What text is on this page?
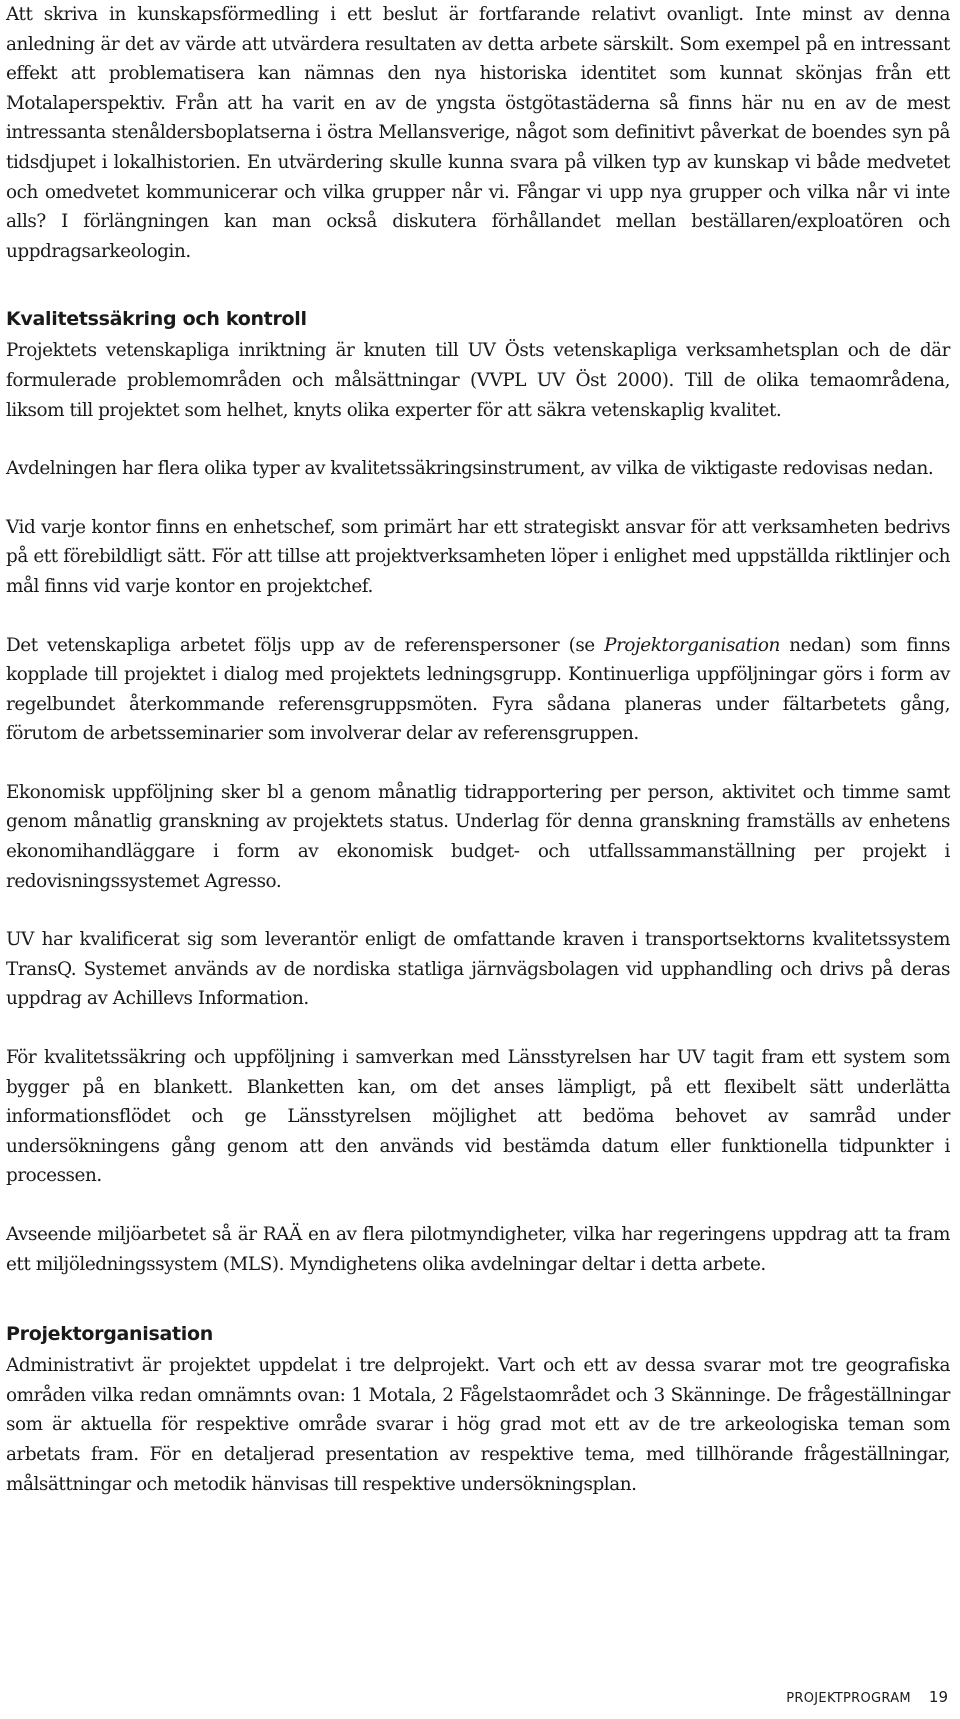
Att skriva in kunskapsförmedling i ett beslut är fortfarande relativt ovanligt. Inte minst av denna anledning är det av värde att utvärdera resultaten av detta arbete särskilt. Som exempel på en intressant effekt att problematisera kan nämnas den nya historiska identitet som kunnat skönjas från ett Motalaperspektiv. Från att ha varit en av de yngsta östgötastäderna så finns här nu en av de mest intressanta stenåldersboplatserna i östra Mellansverige, något som definitivt påverkat de boendes syn på tidsdjupet i lokalhistorien. En utvärdering skulle kunna svara på vilken typ av kunskap vi både medvetet och omedvetet kommunicerar och vilka grupper når vi. Fångar vi upp nya grupper och vilka når vi inte alls? I förlängningen kan man också diskutera förhållandet mellan beställaren/exploatören och uppdragsarkeologin.

Kvalitetssäkring och kontroll

Projektets vetenskapliga inriktning är knuten till UV Östs vetenskapliga verksamhetsplan och de där formulerade problemområden och målsättningar (VVPL UV Öst 2000). Till de olika temaområdena, liksom till projektet som helhet, knyts olika experter för att säkra vetenskaplig kvalitet.

Avdelningen har flera olika typer av kvalitetssäkringsinstrument, av vilka de viktigaste redovisas nedan.

Vid varje kontor finns en enhetschef, som primärt har ett strategiskt ansvar för att verksamheten bedrivs på ett förebildligt sätt. För att tillse att projektverksamheten löper i enlighet med uppställda riktlinjer och mål finns vid varje kontor en projektchef.

Det vetenskapliga arbetet följs upp av de referenspersoner (se Projektorganisation nedan) som finns kopplade till projektet i dialog med projektets ledningsgrupp. Kontinuerliga uppföljningar görs i form av regelbundet återkommande referensgruppsmöten. Fyra sådana planeras under fältarbetets gång, förutom de arbetsseminarier som involverar delar av referensgruppen.

Ekonomisk uppföljning sker bl a genom månatlig tidrapportering per person, aktivitet och timme samt genom månatlig granskning av projektets status. Underlag för denna granskning framställs av enhetens ekonomihandläggare i form av ekonomisk budget- och utfallssammanställning per projekt i redovisningssystemet Agresso.

UV har kvalificerat sig som leverantör enligt de omfattande kraven i transportsektorns kvalitetssystem TransQ. Systemet används av de nordiska statliga järnvägsbolagen vid upphandling och drivs på deras uppdrag av Achillevs Information.

För kvalitetssäkring och uppföljning i samverkan med Länsstyrelsen har UV tagit fram ett system som bygger på en blankett. Blanketten kan, om det anses lämpligt, på ett flexibelt sätt underlätta informationsflödet och ge Länsstyrelsen möjlighet att bedöma behovet av samråd under undersökningens gång genom att den används vid bestämda datum eller funktionella tidpunkter i processen.

Avseende miljöarbetet så är RAÄ en av flera pilotmyndigheter, vilka har regeringens uppdrag att ta fram ett miljöledningssystem (MLS). Myndighetens olika avdelningar deltar i detta arbete.

Projektorganisation

Administrativt är projektet uppdelat i tre delprojekt. Vart och ett av dessa svarar mot tre geografiska områden vilka redan omnämnts ovan: 1 Motala, 2 Fågelstaområdet och 3 Skänninge. De frågeställningar som är aktuella för respektive område svarar i hög grad mot ett av de tre arkeologiska teman som arbetats fram. För en detaljerad presentation av respektive tema, med tillhörande frågeställningar, målsättningar och metodik hänvisas till respektive undersökningsplan.

PROJEKTPROGRAM 19
